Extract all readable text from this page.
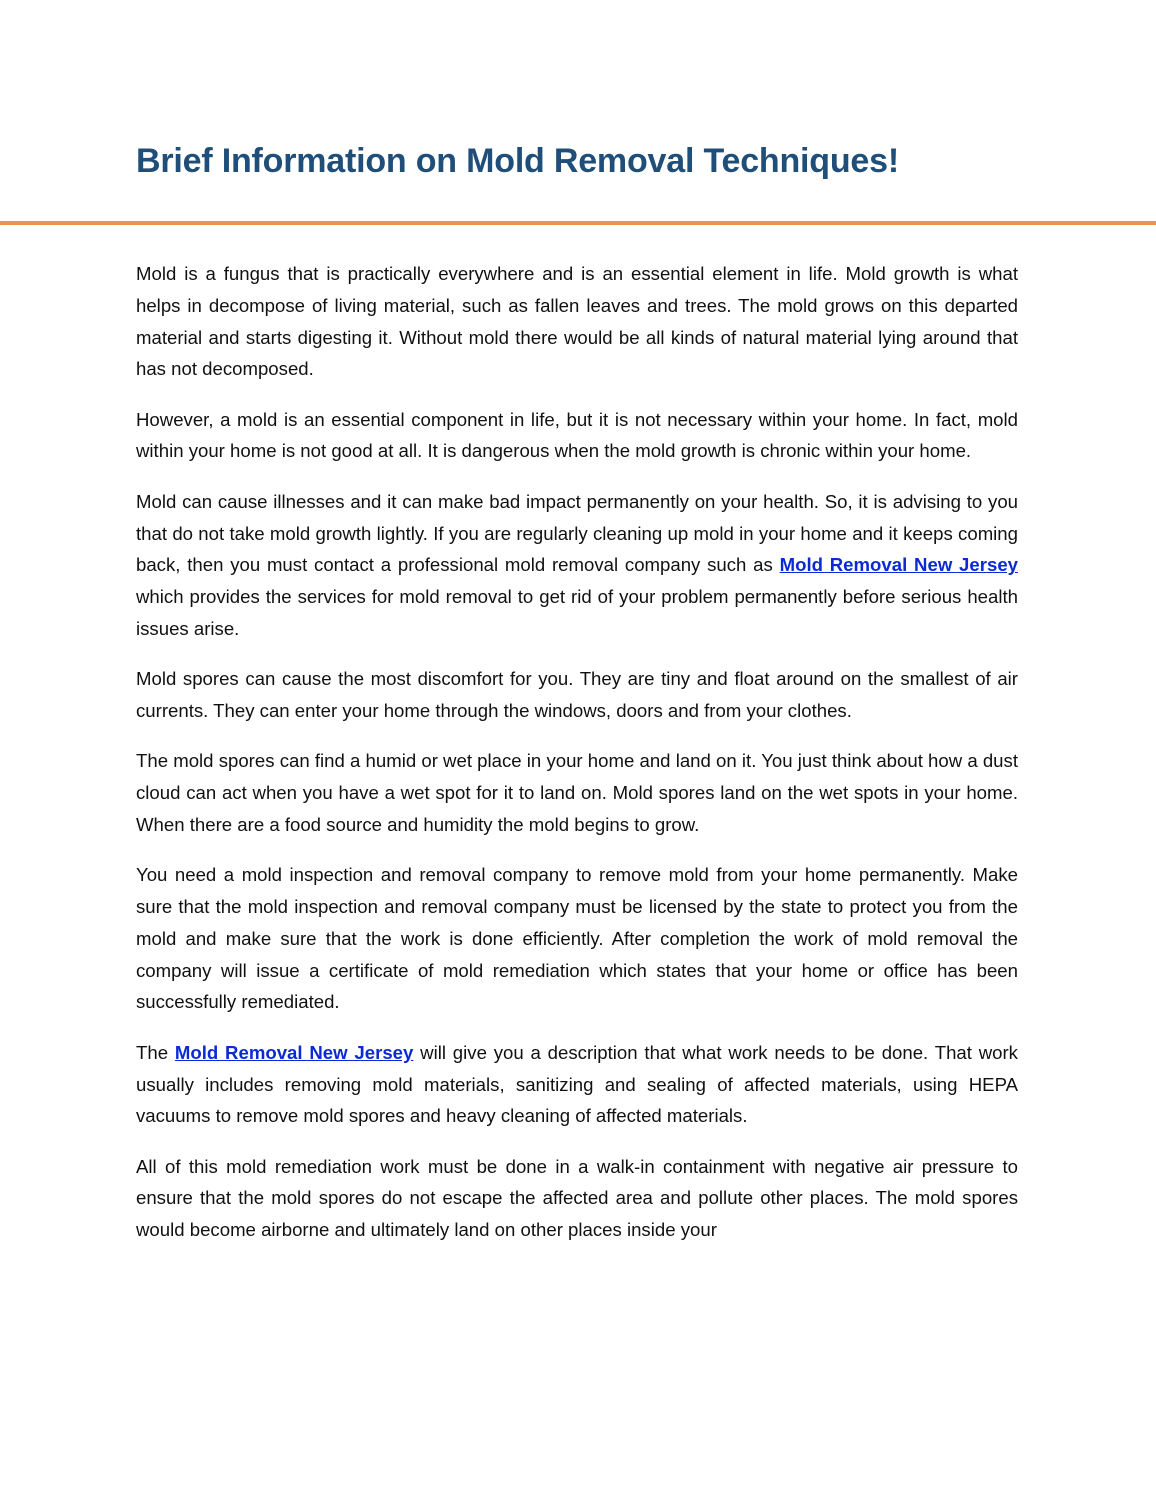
Brief Information on Mold Removal Techniques!

Mold is a fungus that is practically everywhere and is an essential element in life. Mold growth is what helps in decompose of living material, such as fallen leaves and trees. The mold grows on this departed material and starts digesting it. Without mold there would be all kinds of natural material lying around that has not decomposed.

However, a mold is an essential component in life, but it is not necessary within your home. In fact, mold within your home is not good at all. It is dangerous when the mold growth is chronic within your home.

Mold can cause illnesses and it can make bad impact permanently on your health. So, it is advising to you that do not take mold growth lightly. If you are regularly cleaning up mold in your home and it keeps coming back, then you must contact a professional mold removal company such as Mold Removal New Jersey which provides the services for mold removal to get rid of your problem permanently before serious health issues arise.

Mold spores can cause the most discomfort for you. They are tiny and float around on the smallest of air currents. They can enter your home through the windows, doors and from your clothes.

The mold spores can find a humid or wet place in your home and land on it. You just think about how a dust cloud can act when you have a wet spot for it to land on. Mold spores land on the wet spots in your home. When there are a food source and humidity the mold begins to grow.

You need a mold inspection and removal company to remove mold from your home permanently. Make sure that the mold inspection and removal company must be licensed by the state to protect you from the mold and make sure that the work is done efficiently. After completion the work of mold removal the company will issue a certificate of mold remediation which states that your home or office has been successfully remediated.

The Mold Removal New Jersey will give you a description that what work needs to be done. That work usually includes removing mold materials, sanitizing and sealing of affected materials, using HEPA vacuums to remove mold spores and heavy cleaning of affected materials.

All of this mold remediation work must be done in a walk-in containment with negative air pressure to ensure that the mold spores do not escape the affected area and pollute other places. The mold spores would become airborne and ultimately land on other places inside your
